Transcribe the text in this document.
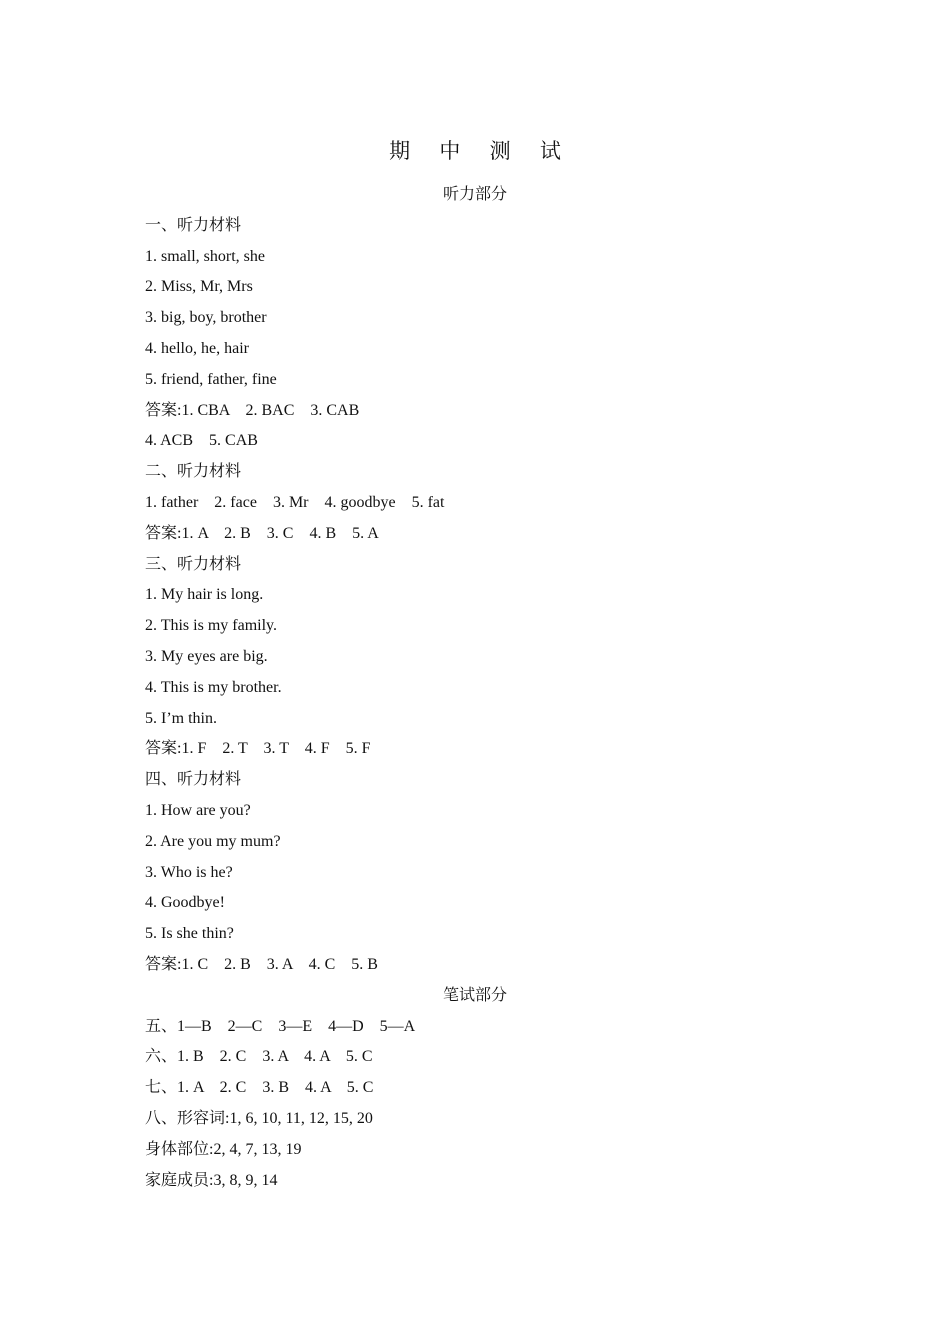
期 中 测 试
听力部分
一、听力材料
1. small, short, she
2. Miss, Mr, Mrs
3. big, boy, brother
4. hello, he, hair
5. friend, father, fine
答案:1. CBA    2. BAC    3. CAB
4. ACB    5. CAB
二、听力材料
1. father    2. face    3. Mr    4. goodbye    5. fat
答案:1. A    2. B    3. C    4. B    5. A
三、听力材料
1. My hair is long.
2. This is my family.
3. My eyes are big.
4. This is my brother.
5. I’m thin.
答案:1. F    2. T    3. T    4. F    5. F
四、听力材料
1. How are you?
2. Are you my mum?
3. Who is he?
4. Goodbye!
5. Is she thin?
答案:1. C    2. B    3. A    4. C    5. B
笔试部分
五、1—B    2—C    3—E    4—D    5—A
六、1. B    2. C    3. A    4. A    5. C
七、1. A    2. C    3. B    4. A    5. C
八、形容词:1, 6, 10, 11, 12, 15, 20
身体部位:2, 4, 7, 13, 19
家庭成员:3, 8, 9, 14
